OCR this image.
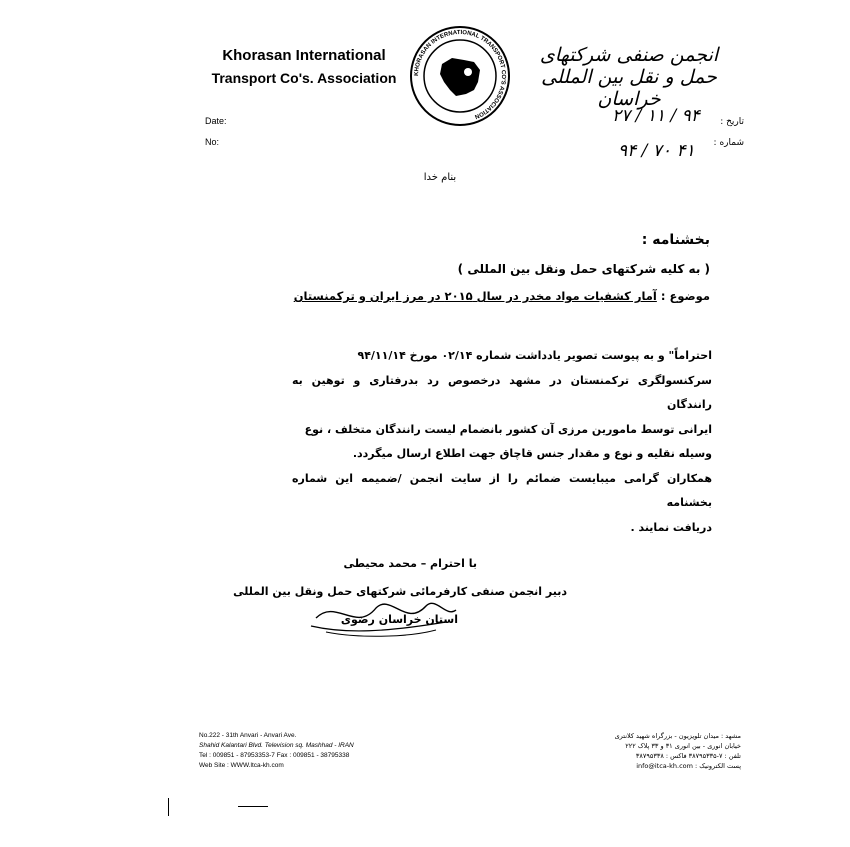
Khorasan International
Transport Co's. Association	KHORASAN INTERNATIONAL TRANSPORT CO'S ASSOCIATION
انجمن صنفی شرکتهای حمل و نقل بین المللی خراسان
Date:
No:
تاریخ :
شماره :
۲۷ / ۱۱ / ۹۴
۹۴ / ۷۰ ۴۱
بنام خدا
بخشنامه :
( به کلیه شرکتهای حمل ونقل بین المللی )
موضوع : آمار کشفیات مواد مخدر در سال ۲۰۱۵ در مرز ایران و ترکمنستان

احتراماً" و به پیوست تصویر یادداشت شماره ۰۲/۱۴ مورخ ۹۴/۱۱/۱۴

سرکنسولگری ترکمنستان در مشهد درخصوص رد بدرفتاری و توهین به رانندگان

ایرانی توسط مامورین مرزی آن کشور بانضمام لیست رانندگان متخلف ، نوع

وسیله نقلیه و نوع و مقدار جنس قاچاق جهت اطلاع ارسال میگردد.

همکاران گرامی میبایست ضمائم را از سایت انجمن /ضمیمه این شماره بخشنامه

دریافت نمایند .

با احترام – محمد محیطی
دبیر انجمن صنفی کارفرمائی شرکتهای حمل ونقل بین المللی
استان خراسان رضوی
No.222 - 31th Anvari - Anvari Ave.
Shahid Kalantari Blvd. Television sq. Mashhad - IRAN
Tel : 009851 - 87953353-7 Fax : 009851 - 38795338
Web Site : WWW.ltca-kh.com
مشهد : میدان تلویزیون - بزرگراه شهید کلانتری
خیابان انوری - بین انوری ۳۱ و ۳۳ پلاک ۲۲۲
تلفن : ۷-۳۸۷۹۵۳۳۵ فاکس : ۳۸۷۹۵۳۳۸
پست الکترونیک : info@itca-kh.com
